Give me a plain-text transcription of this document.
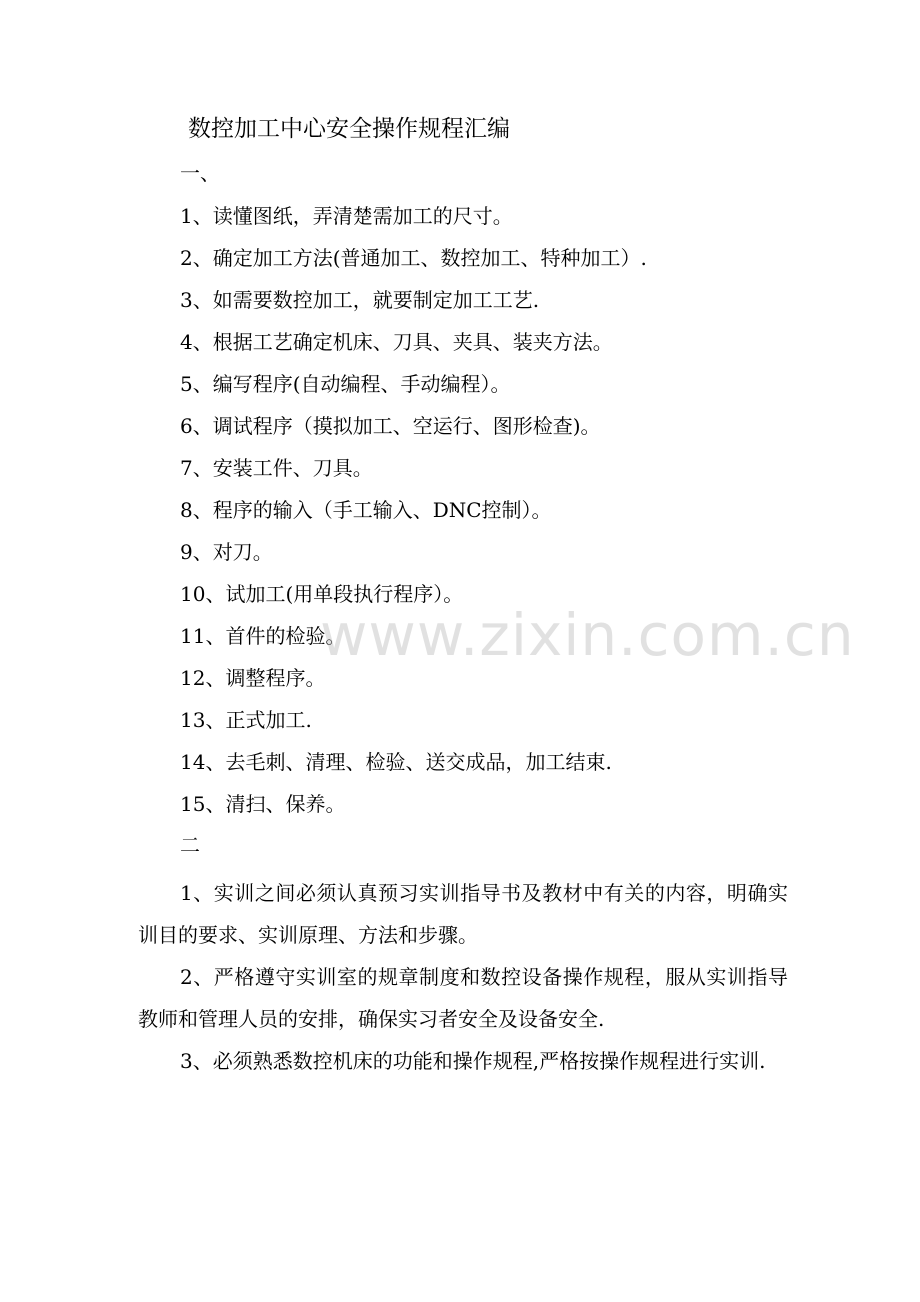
数控加工中心安全操作规程汇编
一、
1、读懂图纸，弄清楚需加工的尺寸。
2、确定加工方法(普通加工、数控加工、特种加工）.
3、如需要数控加工，就要制定加工工艺.
4、根据工艺确定机床、刀具、夹具、装夹方法。
5、编写程序(自动编程、手动编程）。
6、调试程序（摸拟加工、空运行、图形检查)。
7、安装工件、刀具。
8、程序的输入（手工输入、DNC控制）。
9、对刀。
10、试加工(用单段执行程序）。
11、首件的检验。
12、调整程序。
13、正式加工.
14、去毛刺、清理、检验、送交成品，加工结束.
15、清扫、保养。
二

1、实训之间必须认真预习实训指导书及教材中有关的内容，明确实训目的要求、实训原理、方法和步骤。

2、严格遵守实训室的规章制度和数控设备操作规程，服从实训指导教师和管理人员的安排，确保实习者安全及设备安全.

3、必须熟悉数控机床的功能和操作规程,严格按操作规程进行实训.

www.zixin.com.cn
